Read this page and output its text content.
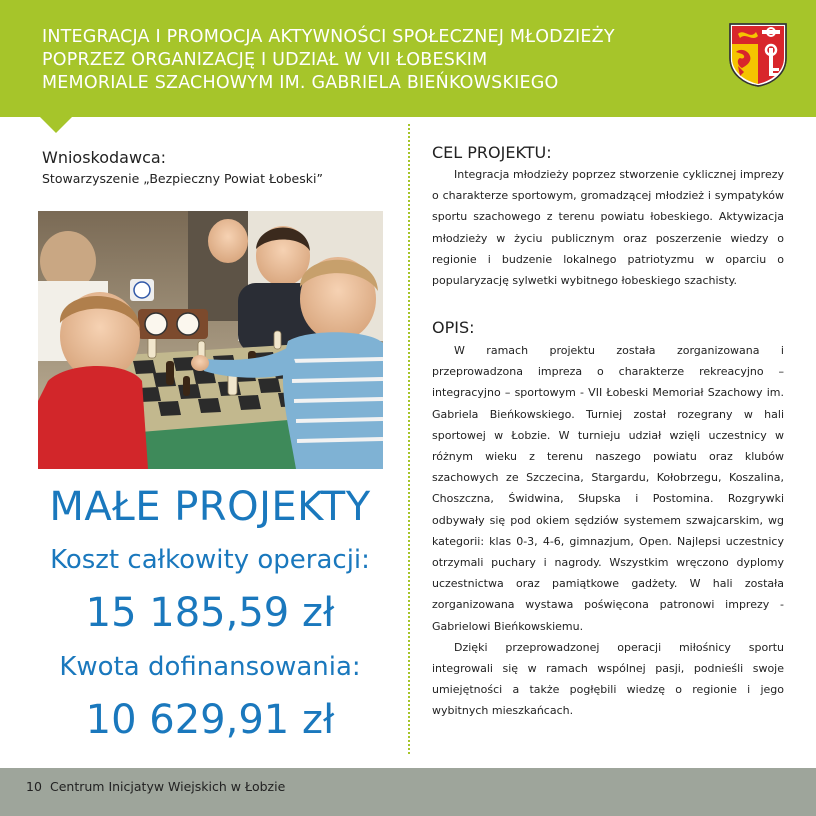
INTEGRACJA I PROMOCJA AKTYWNOŚCI SPOŁECZNEJ MŁODZIEŻY
POPRZEZ ORGANIZACJĘ I UDZIAŁ W VII ŁOBESKIM
MEMORIALE SZACHOWYM IM. GABRIELA BIEŃKOWSKIEGO
Wnioskodawca:
Stowarzyszenie „Bezpieczny Powiat Łobeski”
MAŁE PROJEKTY
Koszt całkowity operacji:
15 185,59 zł
Kwota dofinansowania:
10 629,91 zł
CEL PROJEKTU:
Integracja młodzieży poprzez stworzenie cyklicznej imprezy o charakterze sportowym, gromadzącej młodzież i sympatyków sportu szachowego z terenu powiatu łobeskiego. Aktywizacja młodzieży w życiu publicznym oraz poszerzenie wiedzy o regionie i budzenie lokalnego patriotyzmu w oparciu o popularyzację sylwetki wybitnego łobeskiego szachisty.
OPIS:

W ramach projektu została zorganizowana i przeprowadzona impreza o charakterze rekreacyjno – integracyjno – sportowym - VII Łobeski Memoriał Szachowy im. Gabriela Bieńkowskiego. Turniej został rozegrany w hali sportowej w Łobzie. W turnieju udział wzięli uczestnicy w różnym wieku z terenu naszego powiatu oraz klubów szachowych ze Szczecina, Stargardu, Kołobrzegu, Koszalina, Choszczna, Świdwina, Słupska i Postomina. Rozgrywki odbywały się pod okiem sędziów systemem szwajcarskim, wg kategorii: klas 0-3, 4-6, gimnazjum, Open. Najlepsi uczestnicy otrzymali puchary i nagrody. Wszystkim wręczono dyplomy uczestnictwa oraz pamiątkowe gadżety. W hali została zorganizowana wystawa poświęcona patronowi imprezy - Gabrielowi Bieńkowskiemu.

Dzięki przeprowadzonej operacji miłośnicy sportu integrowali się w ramach wspólnej pasji, podnieśli swoje umiejętności a także pogłębili wiedzę o regionie i jego wybitnych mieszkańcach.

10 Centrum Inicjatyw Wiejskich w Łobzie
